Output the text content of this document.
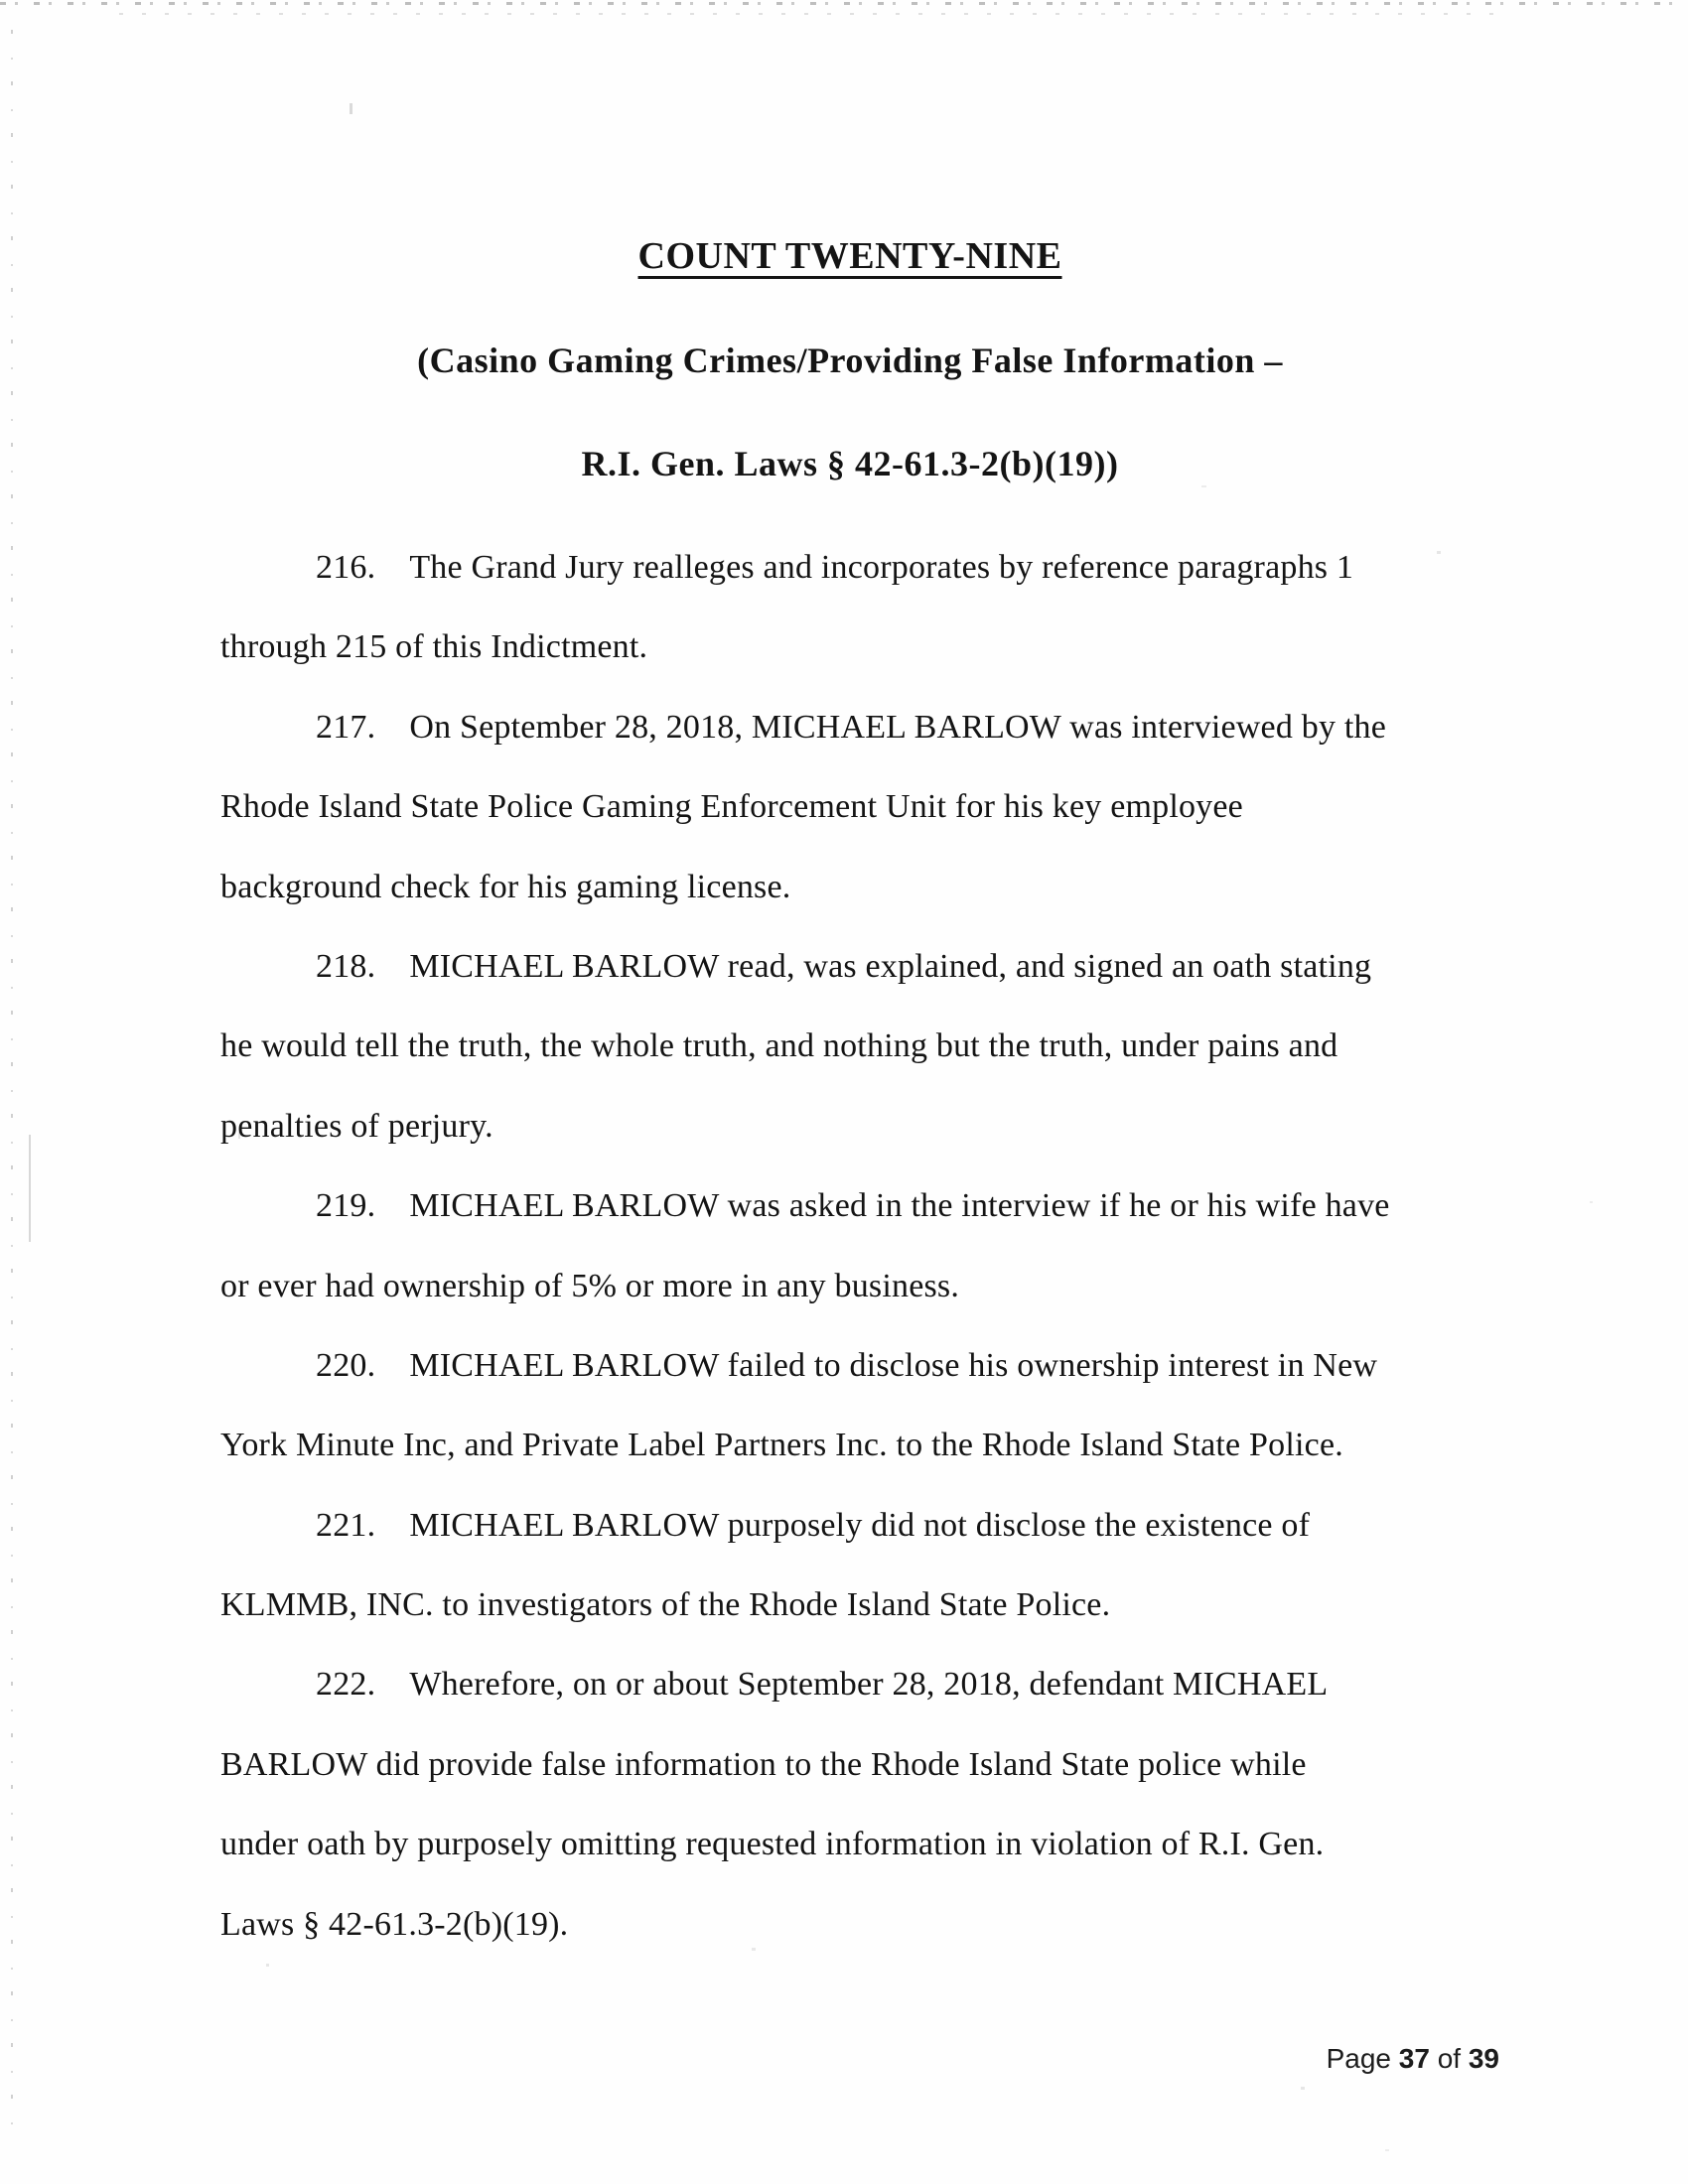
COUNT TWENTY-NINE
(Casino Gaming Crimes/Providing False Information –
R.I. Gen. Laws § 42-61.3-2(b)(19))
216. The Grand Jury realleges and incorporates by reference paragraphs 1
through 215 of this Indictment.
217. On September 28, 2018, MICHAEL BARLOW was interviewed by the
Rhode Island State Police Gaming Enforcement Unit for his key employee
background check for his gaming license.
218. MICHAEL BARLOW read, was explained, and signed an oath stating
he would tell the truth, the whole truth, and nothing but the truth, under pains and
penalties of perjury.
219. MICHAEL BARLOW was asked in the interview if he or his wife have
or ever had ownership of 5% or more in any business.
220. MICHAEL BARLOW failed to disclose his ownership interest in New
York Minute Inc, and Private Label Partners Inc. to the Rhode Island State Police.
221. MICHAEL BARLOW purposely did not disclose the existence of
KLMMB, INC. to investigators of the Rhode Island State Police.
222. Wherefore, on or about September 28, 2018, defendant MICHAEL
BARLOW did provide false information to the Rhode Island State police while
under oath by purposely omitting requested information in violation of R.I. Gen.
Laws § 42-61.3-2(b)(19).
Page 37 of 39
